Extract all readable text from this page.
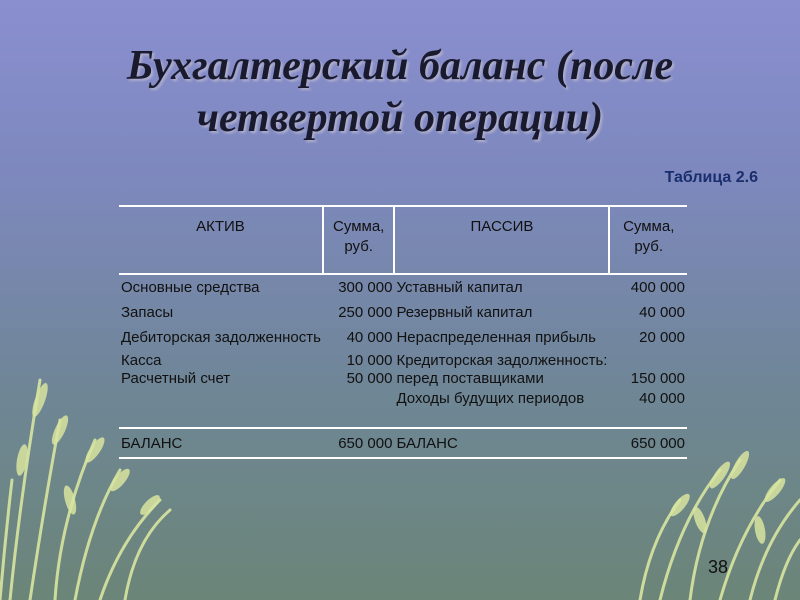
Бухгалтерский баланс (после четвертой операции)
Таблица 2.6
АКТИВ	Сумма, руб.	ПАССИВ	Сумма, руб.
Основные средства	300 000	Уставный капитал	400 000
Запасы	250 000	Резервный капитал	40 000
Дебиторская задолженность	40 000	Нераспределенная прибыль	20 000
Касса	10 000	Кредиторская задолженность:	
Расчетный счет	50 000	перед поставщиками	150 000
		Доходы будущих периодов	40 000

БАЛАНС	650 000	БАЛАНС	650 000
38
